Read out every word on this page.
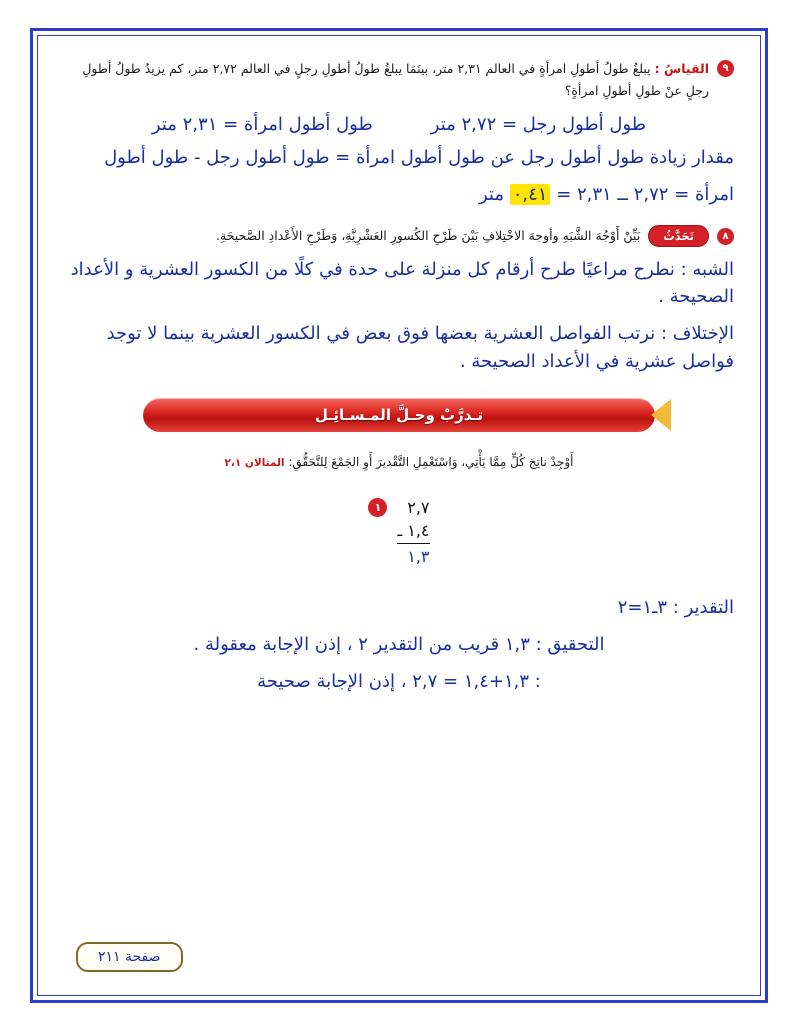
٩
القياسُ : يبلغُ طولُ أطولِ امرأةٍ في العالم ٢,٣١ متر، بينَمَا يبلغُ طولُ أطولِ رجلٍ في العالم ٢,٧٢ متر، كم يزيدُ طولُ أطولِ رجلٍ عنْ طولِ أطولِ امرأةٍ؟
طول أطول رجل = ٢,٧٢ متر
طول أطول امرأة = ٢,٣١ متر
مقدار زيادة طول أطول رجل عن طول أطول امرأة = طول أطول رجل - طول أطول
امرأة = ٢,٧٢ ــ ٢,٣١ = ٠,٤١ متر
٨
تَحَدَّثُ
بَيِّنْ أَوْجُهَ الشَّبَهِ وأوجهَ الاخْتِلافِ بَيْنَ طَرْحِ الكُسورِ العَشْرِيَّةِ، وَطَرْحِ الأَعْدادِ الصَّحيحَةِ.
الشبه : نطرح مراعيًا طرح أرقام كل منزلة على حدة في كلًا من الكسور العشرية و الأعداد الصحيحة .
الإختلاف : نرتب الفواصل العشرية بعضها فوق بعض في الكسور العشرية بينما لا توجد فواصل عشرية في الأعداد الصحيحة .
تـدرَّبْ وحـلَّ المـسـائِـل
أَوْجِدْ ناتِجَ كُلٍّ مِمَّا يَأْتِي، وَاسْتَعْمِلِ التَّقْديرَ أَوِ الجَمْعَ لِلتَّحَقُّقِ: المثالان ٢،١
٢,٧
١,٤ ـ
١,٣
١
التقدير : ٣ـ١=٢
التحقيق : ١,٣ قريب من التقدير ٢ ، إذن الإجابة معقولة .
: ١,٣+١,٤ = ٢,٧ ، إذن الإجابة صحيحة
صفحة ٢١١
